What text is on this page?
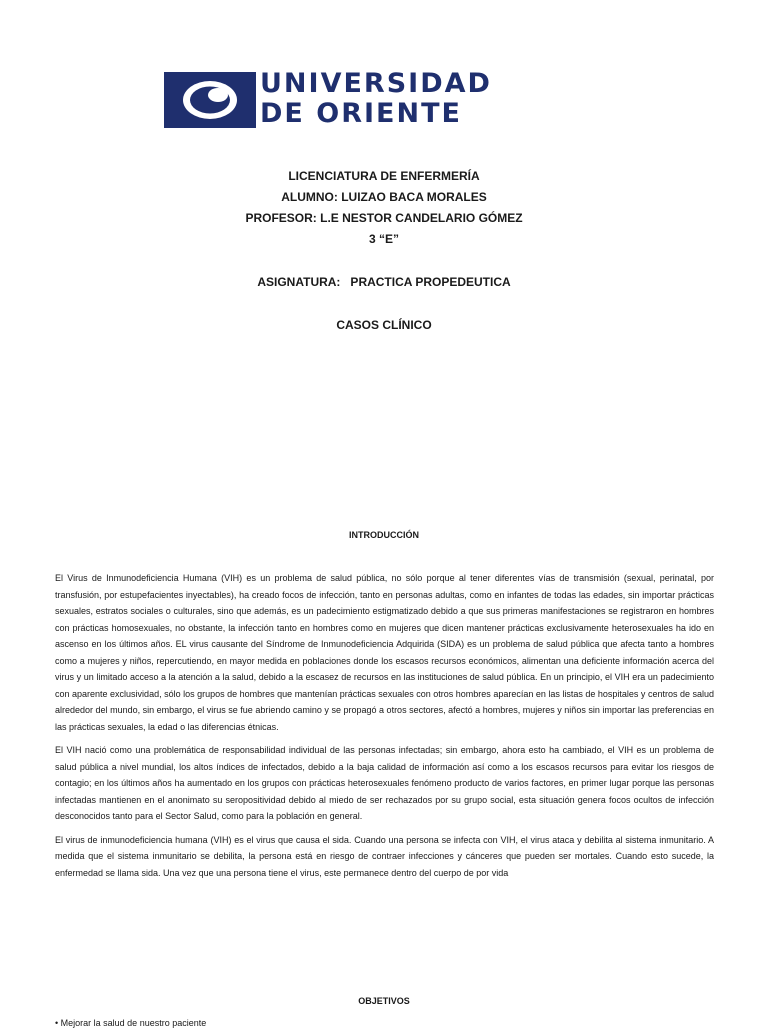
UNIVERSIDAD
DE ORIENTE
LICENCIATURA DE ENFERMERÍA
ALUMNO: LUIZAO BACA MORALES
PROFESOR: L.E NESTOR CANDELARIO GÓMEZ
3 “E”
ASIGNATURA:   PRACTICA PROPEDEUTICA
CASOS CLÍNICO
INTRODUCCIÓN

El Virus de Inmunodeficiencia Humana (VIH) es un problema de salud pública, no sólo porque al tener diferentes vías de transmisión (sexual, perinatal, por transfusión, por estupefacientes inyectables), ha creado focos de infección, tanto en personas adultas, como en infantes de todas las edades, sin importar prácticas sexuales, estratos sociales o culturales, sino que además, es un padecimiento estigmatizado debido a que sus primeras manifestaciones se registraron en hombres con prácticas homosexuales, no obstante, la infección tanto en hombres como en mujeres que dicen mantener prácticas exclusivamente heterosexuales ha ido en ascenso en los últimos años. EL virus causante del Síndrome de Inmunodeficiencia Adquirida (SIDA) es un problema de salud pública que afecta tanto a hombres como a mujeres y niños, repercutiendo, en mayor medida en poblaciones donde los escasos recursos económicos, alimentan una deficiente información acerca del virus y un limitado acceso a la atención a la salud, debido a la escasez de recursos en las instituciones de salud pública. En un principio, el VIH era un padecimiento con aparente exclusividad, sólo los grupos de hombres que mantenían prácticas sexuales con otros hombres aparecían en las listas de hospitales y centros de salud alrededor del mundo, sin embargo, el virus se fue abriendo camino y se propagó a otros sectores, afectó a hombres, mujeres y niños sin importar las preferencias en las prácticas sexuales, la edad o las diferencias étnicas.

El VIH nació como una problemática de responsabilidad individual de las personas infectadas; sin embargo, ahora esto ha cambiado, el VIH es un problema de salud pública a nivel mundial, los altos índices de infectados, debido a la baja calidad de información así como a los escasos recursos para evitar los riesgos de contagio; en los últimos años ha aumentado en los grupos con prácticas heterosexuales fenómeno producto de varios factores, en primer lugar porque las personas infectadas mantienen en el anonimato su seropositividad debido al miedo de ser rechazados por su grupo social, esta situación genera focos ocultos de infección desconocidos tanto para el Sector Salud, como para la población en general.

El virus de inmunodeficiencia humana (VIH) es el virus que causa el sida. Cuando una persona se infecta con VIH, el virus ataca y debilita al sistema inmunitario. A medida que el sistema inmunitario se debilita, la persona está en riesgo de contraer infecciones y cánceres que pueden ser mortales. Cuando esto sucede, la enfermedad se llama sida. Una vez que una persona tiene el virus, este permanece dentro del cuerpo de por vida

OBJETIVOS
• Mejorar la salud de nuestro paciente
